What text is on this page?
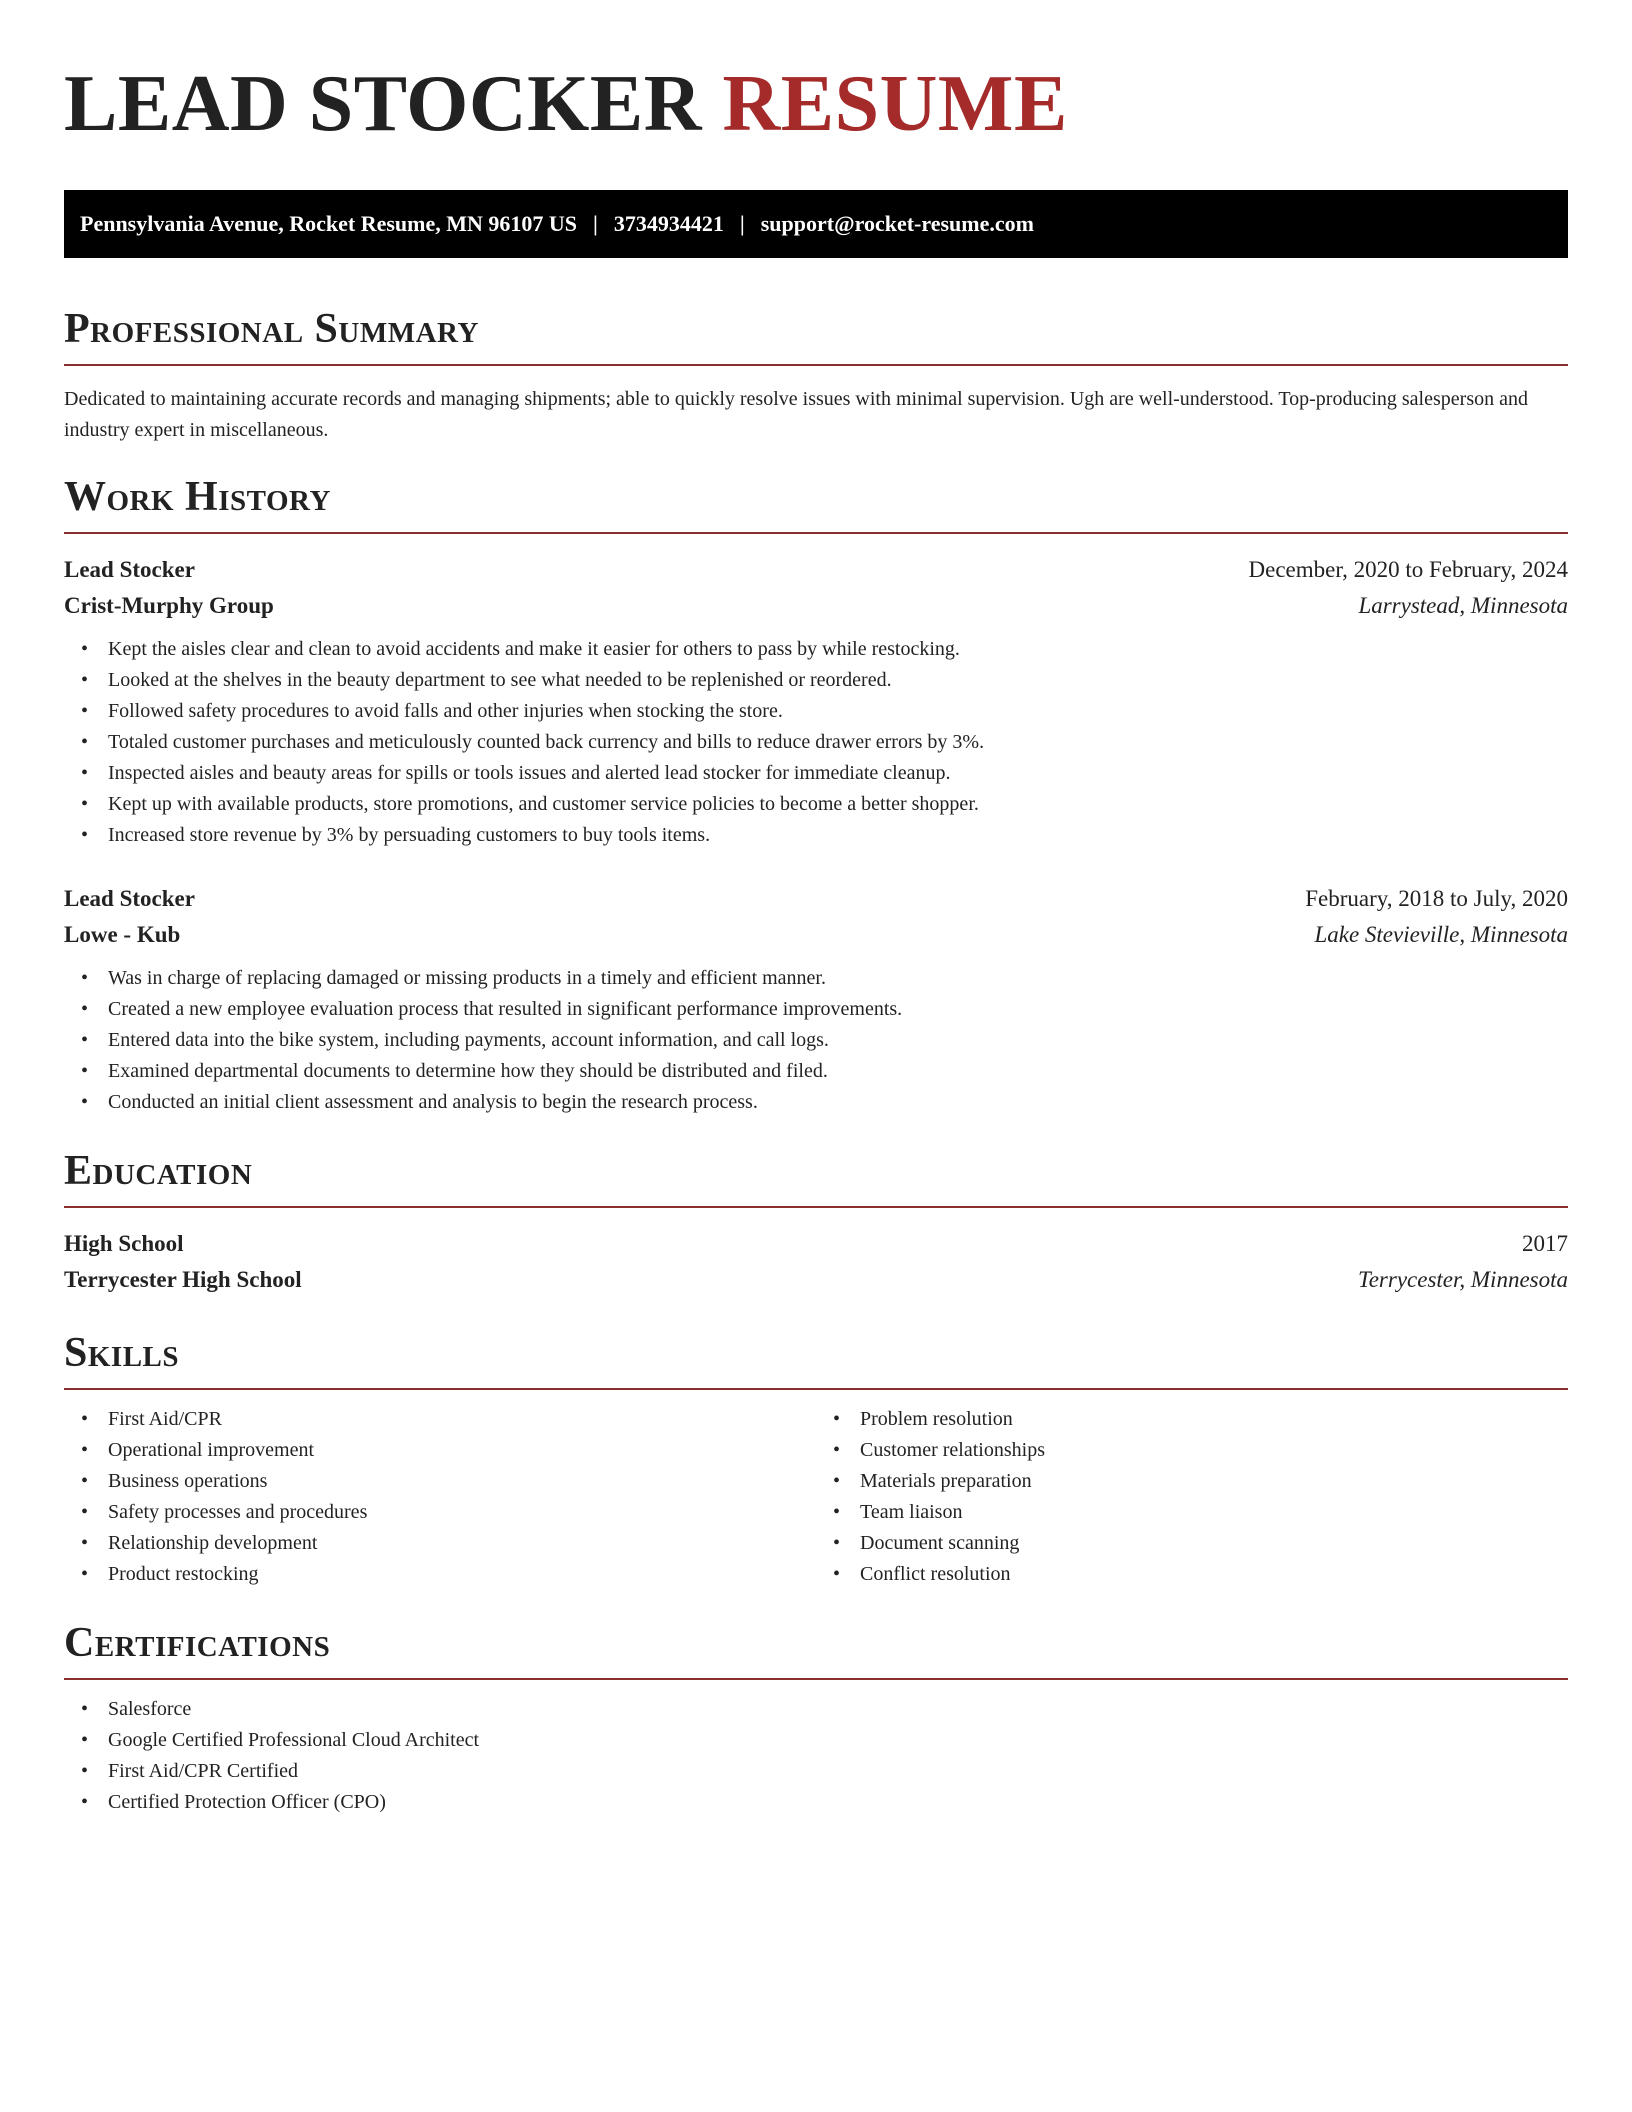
LEAD STOCKER RESUME
Pennsylvania Avenue, Rocket Resume, MN 96107 US | 3734934421 | support@rocket-resume.com
Professional Summary

Dedicated to maintaining accurate records and managing shipments; able to quickly resolve issues with minimal supervision. Ugh are well-understood. Top-producing salesperson and industry expert in miscellaneous.

Work History
Lead Stocker	December, 2020 to February, 2024
Crist-Murphy Group	Larrystead, Minnesota
• Kept the aisles clear and clean to avoid accidents and make it easier for others to pass by while restocking.
• Looked at the shelves in the beauty department to see what needed to be replenished or reordered.
• Followed safety procedures to avoid falls and other injuries when stocking the store.
• Totaled customer purchases and meticulously counted back currency and bills to reduce drawer errors by 3%.
• Inspected aisles and beauty areas for spills or tools issues and alerted lead stocker for immediate cleanup.
• Kept up with available products, store promotions, and customer service policies to become a better shopper.
• Increased store revenue by 3% by persuading customers to buy tools items.
Lead Stocker	February, 2018 to July, 2020
Lowe - Kub	Lake Stevieville, Minnesota
• Was in charge of replacing damaged or missing products in a timely and efficient manner.
• Created a new employee evaluation process that resulted in significant performance improvements.
• Entered data into the bike system, including payments, account information, and call logs.
• Examined departmental documents to determine how they should be distributed and filed.
• Conducted an initial client assessment and analysis to begin the research process.
Education
High School	2017
Terrycester High School	Terrycester, Minnesota
Skills
• First Aid/CPR
• Operational improvement
• Business operations
• Safety processes and procedures
• Relationship development
• Product restocking
• Problem resolution
• Customer relationships
• Materials preparation
• Team liaison
• Document scanning
• Conflict resolution
Certifications
• Salesforce
• Google Certified Professional Cloud Architect
• First Aid/CPR Certified
• Certified Protection Officer (CPO)
